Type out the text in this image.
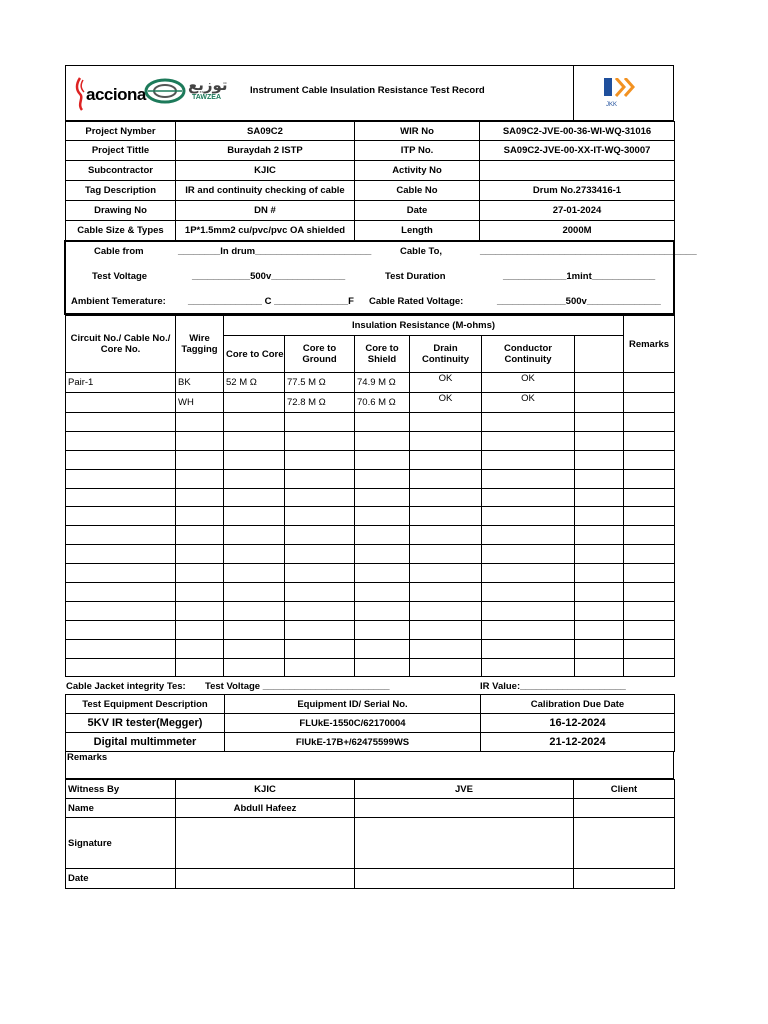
acciona	توزيع
TAWZEA
Instrument Cable Insulation Resistance Test Record
JKK
Project Nymber	SA09C2	WIR No	SA09C2-JVE-00-36-WI-WQ-31016
Project Tittle	Buraydah 2 ISTP	ITP No.	SA09C2-JVE-00-XX-IT-WQ-30007
Subcontractor	KJIC	Activity No	
Tag Description	IR and continuity checking of cable	Cable No	Drum No.2733416-1
Drawing No	DN #	Date	27-01-2024
Cable Size & Types	1P*1.5mm2 cu/pvc/pvc OA shielded	Length	2000M
Cable from	________In drum______________________	Cable To,	_________________________________________
Test Voltage	___________500v______________	Test Duration	____________1mint____________
Ambient Temerature: ______________ C ______________F Cable Rated Voltage:	_____________500v______________
Circuit No./ Cable No./ Core No.	Wire Tagging	Insulation Resistance (M-ohms)						Remarks
		Core to Core	Core to Ground	Core to Shield	Drain Continuity	Conductor Continuity		
Pair-1	BK	52 M Ω	77.5 M Ω	74.9 M Ω	OK	OK		
	WH		72.8 M Ω	70.6 M Ω	OK	OK		

Cable Jacket integrity Tes: Test Voltage ________________________	IR Value:____________________
Test Equipment Description	Equipment ID/ Serial No.	Calibration Due Date
5KV IR tester(Megger)	FLUkE-1550C/62170004	16-12-2024
Digital multimmeter	FlUkE-17B+/62475599WS	21-12-2024
Remarks
Witness By	KJIC	JVE	Client
Name	Abdull Hafeez		
Signature			
Date			
